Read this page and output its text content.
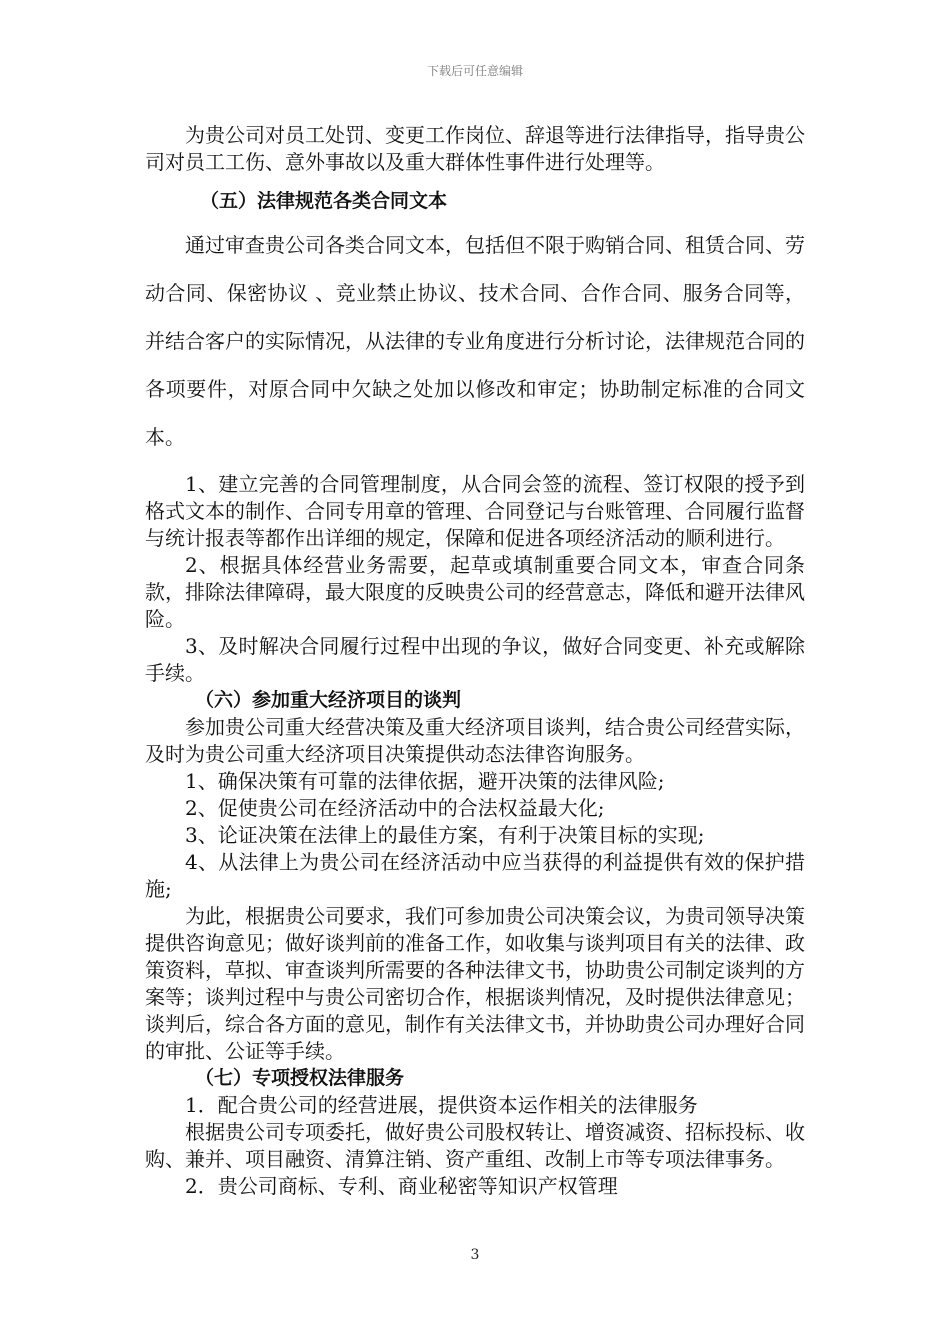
下载后可任意编辑

为贵公司对员工处罚、变更工作岗位、辞退等进行法律指导，指导贵公司对员工工伤、意外事故以及重大群体性事件进行处理等。

（五）法律规范各类合同文本

通过审查贵公司各类合同文本，包括但不限于购销合同、租赁合同、劳动合同、保密协议 、竞业禁止协议、技术合同、合作合同、服务合同等，并结合客户的实际情况，从法律的专业角度进行分析讨论，法律规范合同的各项要件，对原合同中欠缺之处加以修改和审定；协助制定标准的合同文本。

1、建立完善的合同管理制度，从合同会签的流程、签订权限的授予到格式文本的制作、合同专用章的管理、合同登记与台账管理、合同履行监督与统计报表等都作出详细的规定，保障和促进各项经济活动的顺利进行。

2、根据具体经营业务需要，起草或填制重要合同文本，审查合同条款，排除法律障碍，最大限度的反映贵公司的经营意志，降低和避开法律风险。

3、及时解决合同履行过程中出现的争议，做好合同变更、补充或解除手续。

（六）参加重大经济项目的谈判

参加贵公司重大经营决策及重大经济项目谈判，结合贵公司经营实际，及时为贵公司重大经济项目决策提供动态法律咨询服务。

1、确保决策有可靠的法律依据，避开决策的法律风险;

2、促使贵公司在经济活动中的合法权益最大化;

3、论证决策在法律上的最佳方案，有利于决策目标的实现;

4、从法律上为贵公司在经济活动中应当获得的利益提供有效的保护措施;

为此，根据贵公司要求，我们可参加贵公司决策会议，为贵司领导决策提供咨询意见；做好谈判前的准备工作，如收集与谈判项目有关的法律、政策资料，草拟、审查谈判所需要的各种法律文书，协助贵公司制定谈判的方案等；谈判过程中与贵公司密切合作，根据谈判情况，及时提供法律意见；谈判后，综合各方面的意见，制作有关法律文书，并协助贵公司办理好合同的审批、公证等手续。

（七）专项授权法律服务

1．配合贵公司的经营进展，提供资本运作相关的法律服务

根据贵公司专项委托，做好贵公司股权转让、增资减资、招标投标、收购、兼并、项目融资、清算注销、资产重组、改制上市等专项法律事务。

2．贵公司商标、专利、商业秘密等知识产权管理

3
